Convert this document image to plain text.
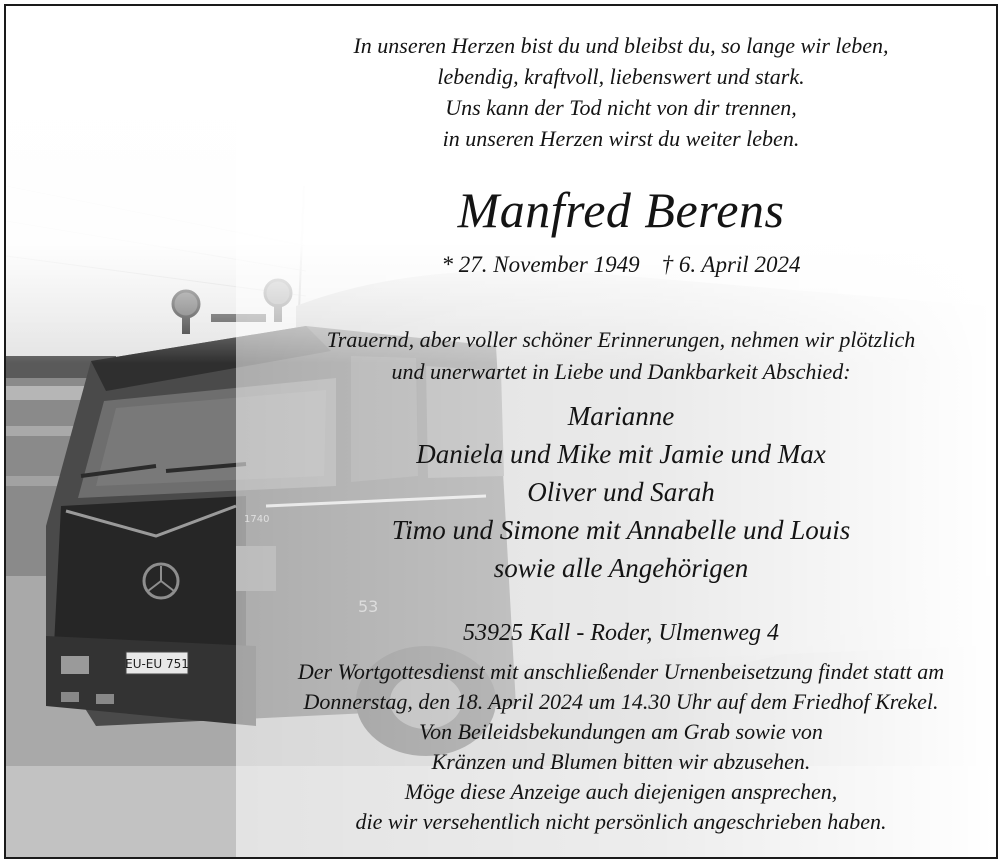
In unseren Herzen bist du und bleibst du, so lange wir leben,
lebendig, kraftvoll, liebenswert und stark.
Uns kann der Tod nicht von dir trennen,
in unseren Herzen wirst du weiter leben.
Manfred Berens
* 27. November 1949 † 6. April 2024
Trauernd, aber voller schöner Erinnerungen, nehmen wir plötzlich
und unerwartet in Liebe und Dankbarkeit Abschied:
Marianne
Daniela und Mike mit Jamie und Max
Oliver und Sarah
Timo und Simone mit Annabelle und Louis
sowie alle Angehörigen
53925 Kall - Roder, Ulmenweg 4
Der Wortgottesdienst mit anschließender Urnenbeisetzung findet statt am
Donnerstag, den 18. April 2024 um 14.30 Uhr auf dem Friedhof Krekel.
Von Beileidsbekundungen am Grab sowie von
Kränzen und Blumen bitten wir abzusehen.
Möge diese Anzeige auch diejenigen ansprechen,
die wir versehentlich nicht persönlich angeschrieben haben.
